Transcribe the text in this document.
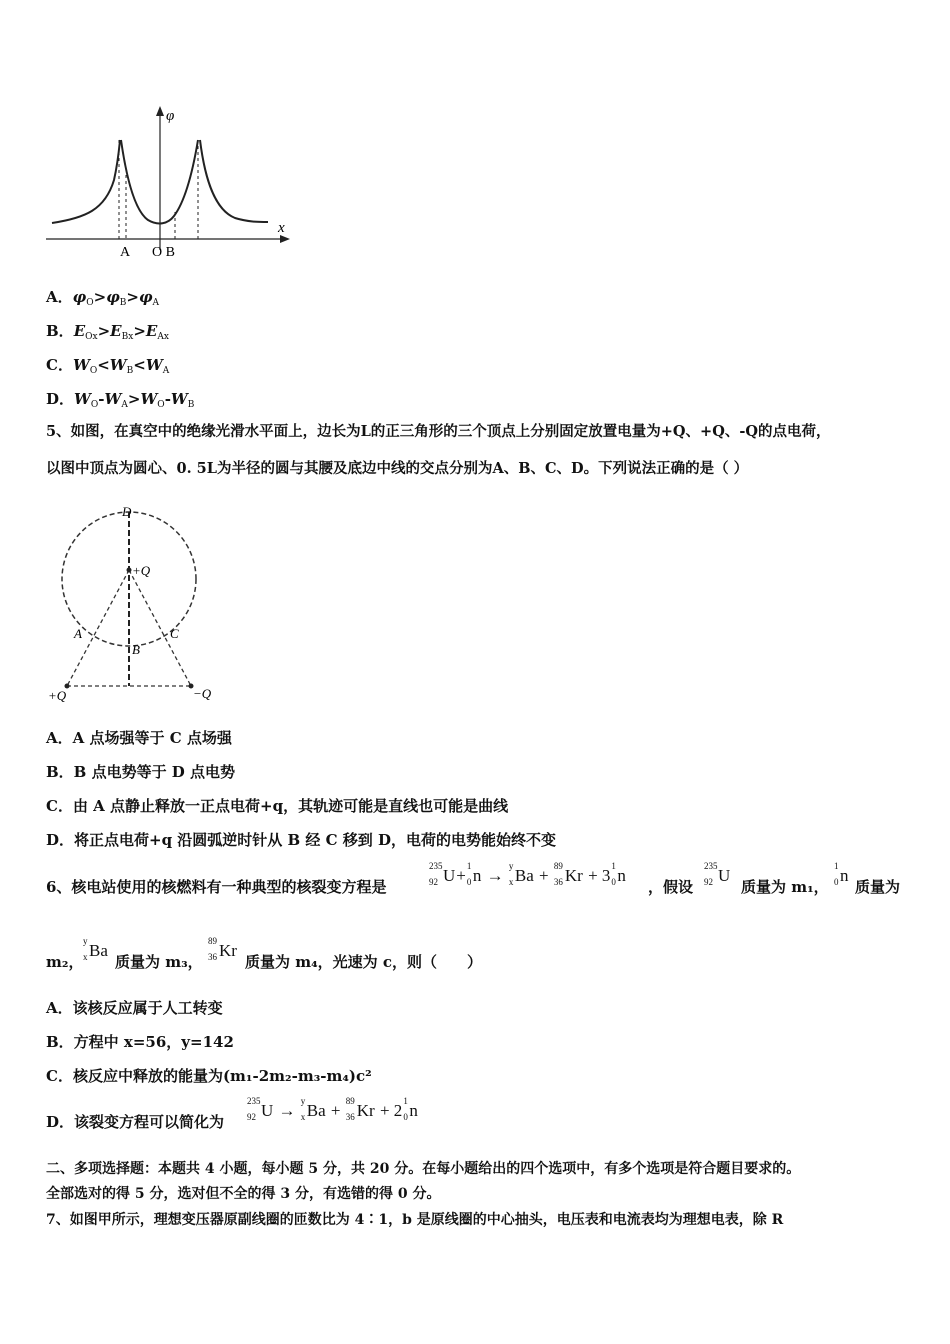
φ
x
A O B
A．$\varphi_O>\varphi_B>\varphi_A$
B．$E_{Ox}>E_{Bx}>E_{Ax}$
C．$W_O<W_B<W_A$
D．$W_O-W_A>W_O-W_B$
5、如图，在真空中的绝缘光滑水平面上，边长为L的正三角形的三个顶点上分别固定放置电量为+Q、+Q、-Q的点电荷，
以图中顶点为圆心、0. 5L为半径的圆与其腰及底边中线的交点分别为A、B、C、D。下列说法正确的是（ ）
D
+Q
A
B
C
+Q	−Q
A．A 点场强等于 C 点场强
B．B 点电势等于 D 点电势
C．由 A 点静止释放一正点电荷+q，其轨迹可能是直线也可能是曲线
D．将正点电荷+q 沿圆弧逆时针从 B 经 C 移到 D，电荷的电势能始终不变
6、核电站使用的核燃料有一种典型的核裂变方程是
235
92 U+ 1
0 n → y
x Ba + 89
36 Kr + 3 1
0 n
，假设
235
92 U
质量为 m₁，
1
0 n
质量为
m₂，
y
x Ba
质量为 m₃，
89
36 Kr
质量为 m₄，光速为 c，则（　　）
A．该核反应属于人工转变
B．方程中 x=56，y=142
C．核反应中释放的能量为(m₁-2m₂-m₃-m₄)c²
D．该裂变方程可以简化为
235
92 U → y
x Ba + 89
36 Kr + 2 1
0 n
二、多项选择题：本题共 4 小题，每小题 5 分，共 20 分。在每小题给出的四个选项中，有多个选项是符合题目要求的。
全部选对的得 5 分，选对但不全的得 3 分，有选错的得 0 分。
7、如图甲所示，理想变压器原副线圈的匝数比为 4∶1，b 是原线圈的中心抽头，电压表和电流表均为理想电表，除 R
